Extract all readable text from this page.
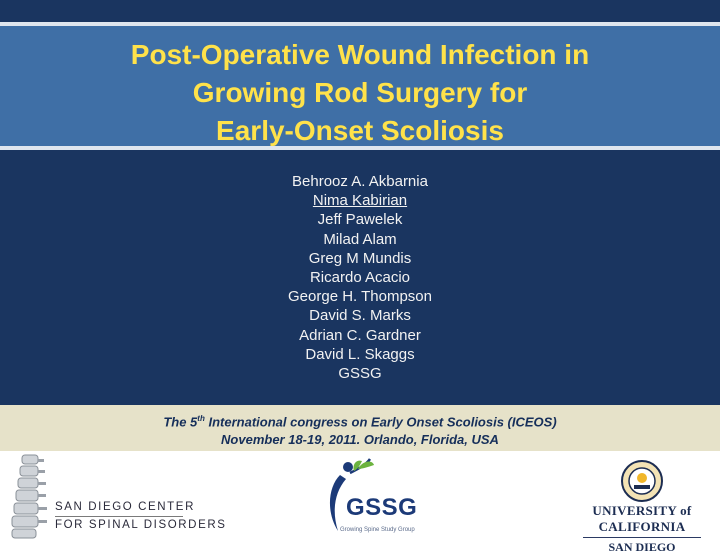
Post-Operative Wound Infection in
Growing Rod Surgery for
Early-Onset Scoliosis
Behrooz A. Akbarnia
Nima Kabirian
Jeff Pawelek
Milad Alam
Greg M Mundis
Ricardo Acacio
George H. Thompson
David S. Marks
Adrian C. Gardner
David L. Skaggs
GSSG
The 5th International congress on Early Onset Scoliosis (ICEOS)
November 18-19, 2011. Orlando, Florida, USA
SAN DIEGO CENTER
FOR SPINAL DISORDERS
GSSG
Growing Spine Study Group
UNIVERSITY of CALIFORNIA
SAN DIEGO
